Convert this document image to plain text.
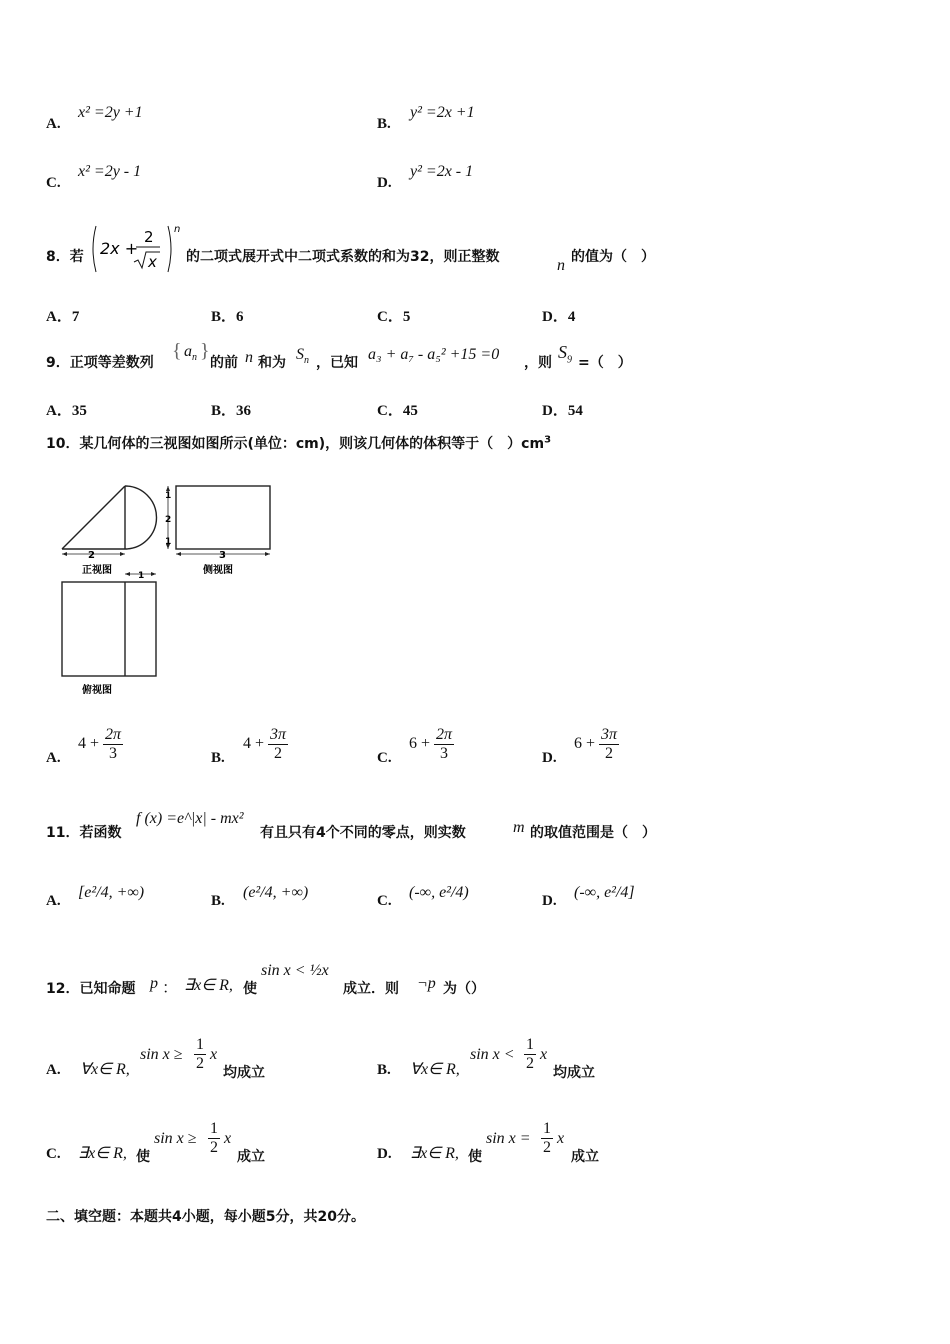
A.
x² =2y +1
B.
y² =2x +1
C.
x² =2y - 1
D.
y² =2x - 1
8．若 2x +
2
x
n
的二项式展开式中二项式系数的和为32，则正整数	n 的值为（　）
A．7	B．6	C．5	D．4
9．正项等差数列
{ $a_n$ }
的前 n 和为 $S_n$ ，已知 a₃ + a₇ - a₅² +15 =0 ，则
$S_9$ =（　）
A．35	B．36	C．45	D．54
10．某几何体的三视图如图所示(单位：cm)，则该几何体的体积等于（　）$cm^3$
2
正视图
1
2
1
3
侧视图
1
俯视图
A.
$4 + \frac{2\pi}{3}$	B.
$4 + \frac{3\pi}{2}$	C.
$6 + \frac{2\pi}{3}$	D.
$6 + \frac{3\pi}{2}$
11．若函数
f (x) =e^|x| - mx²
有且只有4个不同的零点，则实数	m 的取值范围是（　）
A. [e²/4, +∞)	B. (e²/4, +∞)	C. (-∞, e²/4)	D. (-∞, e²/4]
12．已知命题 p ： ∃x∈ R, 使
sin x < ½x
成立．则 ¬p 为（）
A. ∀x∈ R,
$\sin x \ge \frac{1}{2}$ x
均成立	B. ∀x∈ R,
$\sin x < \frac{1}{2}$ x
均成立
C. ∃x∈ R, 使
$\sin x \ge \frac{1}{2}$ x
成立	D. ∃x∈ R, 使
$\sin x = \frac{1}{2}$ x
成立
二、填空题：本题共4小题，每小题5分，共20分。
